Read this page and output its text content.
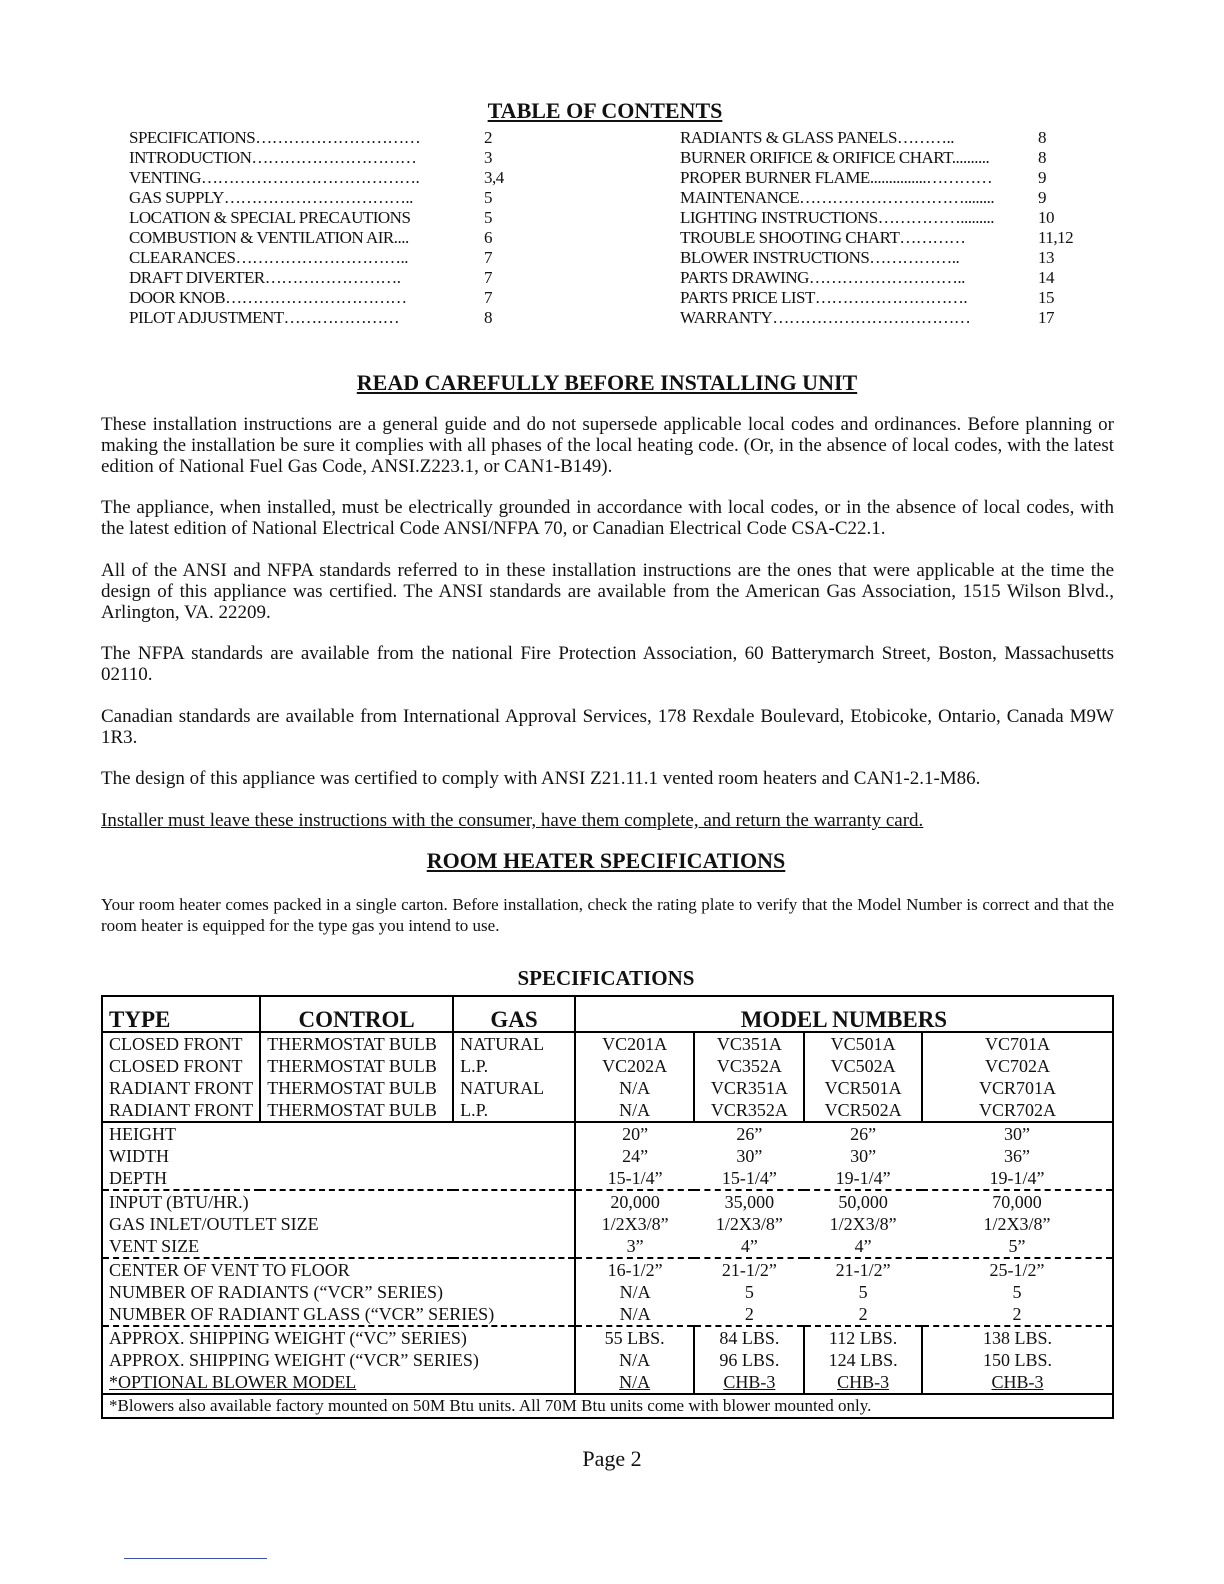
TABLE OF CONTENTS
SPECIFICATIONS…………………………	2
INTRODUCTION…………………………	3
VENTING………………………………….	3,4
GAS SUPPLY……………………………..	5
LOCATION & SPECIAL PRECAUTIONS	5
COMBUSTION & VENTILATION AIR....	6
CLEARANCES…………………………..	7
DRAFT DIVERTER…………………….	7
DOOR KNOB……………………………	7
PILOT ADJUSTMENT…………………	8
RADIANTS & GLASS PANELS………..	8
BURNER ORIFICE & ORIFICE CHART..........	8
PROPER BURNER FLAME...............…………	9
MAINTENANCE…………………………........	9
LIGHTING INSTRUCTIONS…………….........	10
TROUBLE SHOOTING CHART…………	11,12
BLOWER INSTRUCTIONS……………..	13
PARTS DRAWING………………………..	14
PARTS PRICE LIST……………………….	15
WARRANTY………………………………	17
READ CAREFULLY BEFORE INSTALLING UNIT
These installation instructions are a general guide and do not supersede applicable local codes and ordinances. Before planning or making the installation be sure it complies with all phases of the local heating code. (Or, in the absence of local codes, with the latest edition of National Fuel Gas Code, ANSI.Z223.1, or CAN1-B149).
The appliance, when installed, must be electrically grounded in accordance with local codes, or in the absence of local codes, with the latest edition of National Electrical Code ANSI/NFPA 70, or Canadian Electrical Code CSA-C22.1.
All of the ANSI and NFPA standards referred to in these installation instructions are the ones that were applicable at the time the design of this appliance was certified. The ANSI standards are available from the American Gas Association, 1515 Wilson Blvd., Arlington, VA. 22209.
The NFPA standards are available from the national Fire Protection Association, 60 Batterymarch Street, Boston, Massachusetts 02110.
Canadian standards are available from International Approval Services, 178 Rexdale Boulevard, Etobicoke, Ontario, Canada M9W 1R3.
The design of this appliance was certified to comply with ANSI Z21.11.1 vented room heaters and CAN1-2.1-M86.
Installer must leave these instructions with the consumer, have them complete, and return the warranty card.
ROOM HEATER SPECIFICATIONS
Your room heater comes packed in a single carton. Before installation, check the rating plate to verify that the Model Number is correct and that the room heater is equipped for the type gas you intend to use.
SPECIFICATIONS
TYPE	CONTROL	GAS	MODEL NUMBERS			
CLOSED FRONT	THERMOSTAT BULB	NATURAL	VC201A	VC351A	VC501A	VC701A
CLOSED FRONT	THERMOSTAT BULB	L.P.	VC202A	VC352A	VC502A	VC702A
RADIANT FRONT	THERMOSTAT BULB	NATURAL	N/A	VCR351A	VCR501A	VCR701A
RADIANT FRONT	THERMOSTAT BULB	L.P.	N/A	VCR352A	VCR502A	VCR702A
HEIGHT			20”	26”	26”	30”
WIDTH			24”	30”	30”	36”
DEPTH			15-1/4”	15-1/4”	19-1/4”	19-1/4”
INPUT (BTU/HR.)			20,000	35,000	50,000	70,000
GAS INLET/OUTLET SIZE			1/2X3/8”	1/2X3/8”	1/2X3/8”	1/2X3/8”
VENT SIZE			3”	4”	4”	5”
CENTER OF VENT TO FLOOR			16-1/2”	21-1/2”	21-1/2”	25-1/2”
NUMBER OF RADIANTS (“VCR” SERIES)			N/A	5	5	5
NUMBER OF RADIANT GLASS (“VCR” SERIES)			N/A	2	2	2
APPROX. SHIPPING WEIGHT (“VC” SERIES)			55 LBS.	84 LBS.	112 LBS.	138 LBS.
APPROX. SHIPPING WEIGHT (“VCR” SERIES)			N/A	96 LBS.	124 LBS.	150 LBS.
*OPTIONAL BLOWER MODEL			N/A	CHB-3	CHB-3	CHB-3
*Blowers also available factory mounted on 50M Btu units. All 70M Btu units come with blower mounted only.						
Page 2
